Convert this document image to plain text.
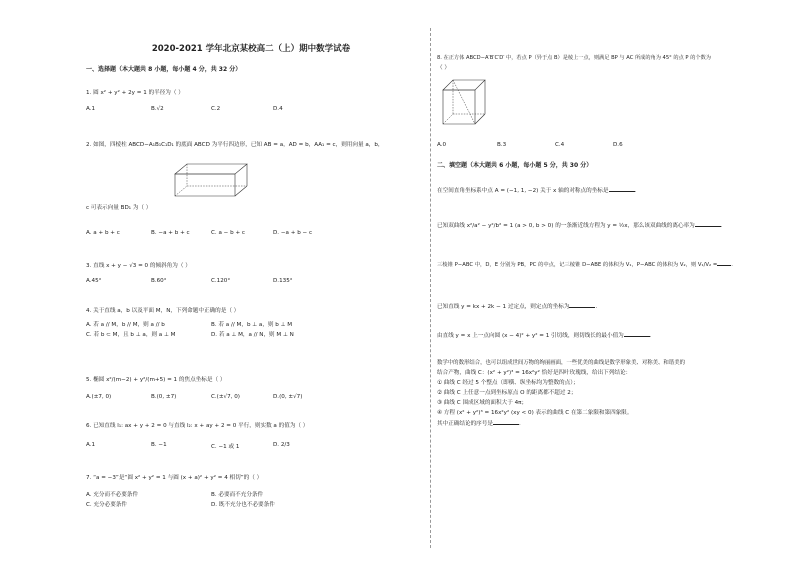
2020-2021 学年北京某校高二（上）期中数学试卷
一、选择题（本大题共 8 小题，每小题 4 分，共 32 分）
1. 圆 x² + y² + 2y = 1 的半径为（ ）
A.1	B.√2	C.2	D.4
2. 如图，四棱柱 ABCD−A₁B₁C₁D₁ 的底面 ABCD 为平行四边形，已知 AB = a，AD = b，AA₁ = c，则用向量 a，b，
c 可表示向量 BD₁ 为（ ）
A. a + b + c	B. −a + b + c	C. a − b + c	D. −a + b − c
3. 直线 x + y − √3 = 0 的倾斜角为（ ）
A.45°	B.60°	C.120°	D.135°
4. 关于直线 a，b 以及平面 M，N，下列命题中正确的是（ ）
A. 若 a // M，b // M，则 a // b	B. 若 a // M，b ⊥ a，则 b ⊥ M
C. 若 b ⊂ M，且 b ⊥ a，则 a ⊥ M	D. 若 a ⊥ M，a // N，则 M ⊥ N
5. 椭圆 x²/(m−2) + y²/(m+5) = 1 的焦点坐标是（ ）
A.(±7, 0)	B.(0, ±7)	C.(±√7, 0)	D.(0, ±√7)
6. 已知直线 l₁: ax + y + 2 = 0 与直线 l₂: x + ay + 2 = 0 平行，则实数 a 的值为（ ）
A.1	B. −1	C. −1 或 1	D. 2/3
7. “a = −3”是“圆 x² + y² = 1 与圆 (x + a)² + y² = 4 相切”的（ ）
A. 充分而不必要条件	B. 必要而不充分条件
C. 充分必要条件	D. 既不充分也不必要条件
8. 在正方体 ABCD−A′B′C′D′ 中，若点 P（异于点 B）是棱上一点，则满足 BP 与 AC 所成的角为 45° 的点 P 的个数为
（ ）
A.0	B.3	C.4	D.6
二、填空题（本大题共 6 小题，每小题 5 分，共 30 分）
在空间直角坐标系中点 A = (−1, 1, −2) 关于 x 轴的对称点的坐标是	.
已知双曲线 x²/a² − y²/b² = 1 (a > 0, b > 0) 的一条渐近线方程为 y = ½x，那么该双曲线的离心率为	.
三棱锥 P−ABC 中，D，E 分别为 PB，PC 的中点，记三棱锥 D−ABE 的体积为 V₁，P−ABC 的体积为 V₂，则 V₁/V₂ =	.
已知直线 y = kx + 2k − 1 过定点，则定点的坐标为	.
由直线 y = x 上一点向圆 (x − 4)² + y² = 1 引切线，则切线长的最小值为	.
数学中的数形结合，也可以组成世间万物的绚丽画面，一些优美的曲线是数学形象美、对称美、和谐美的
结合产物，曲线 C：(x² + y²)³ = 16x²y² 恰好是四叶玫瑰线，给出下列结论：
① 曲线 C 经过 5 个整点（即横、纵坐标均为整数的点）；
② 曲线 C 上任意一点到坐标原点 O 的距离都不超过 2；
③ 曲线 C 围成区域的面积大于 4π；
④ 方程 (x² + y²)³ = 16x²y² (xy < 0) 表示的曲线 C 在第二象限和第四象限。
其中正确结论的序号是	.
